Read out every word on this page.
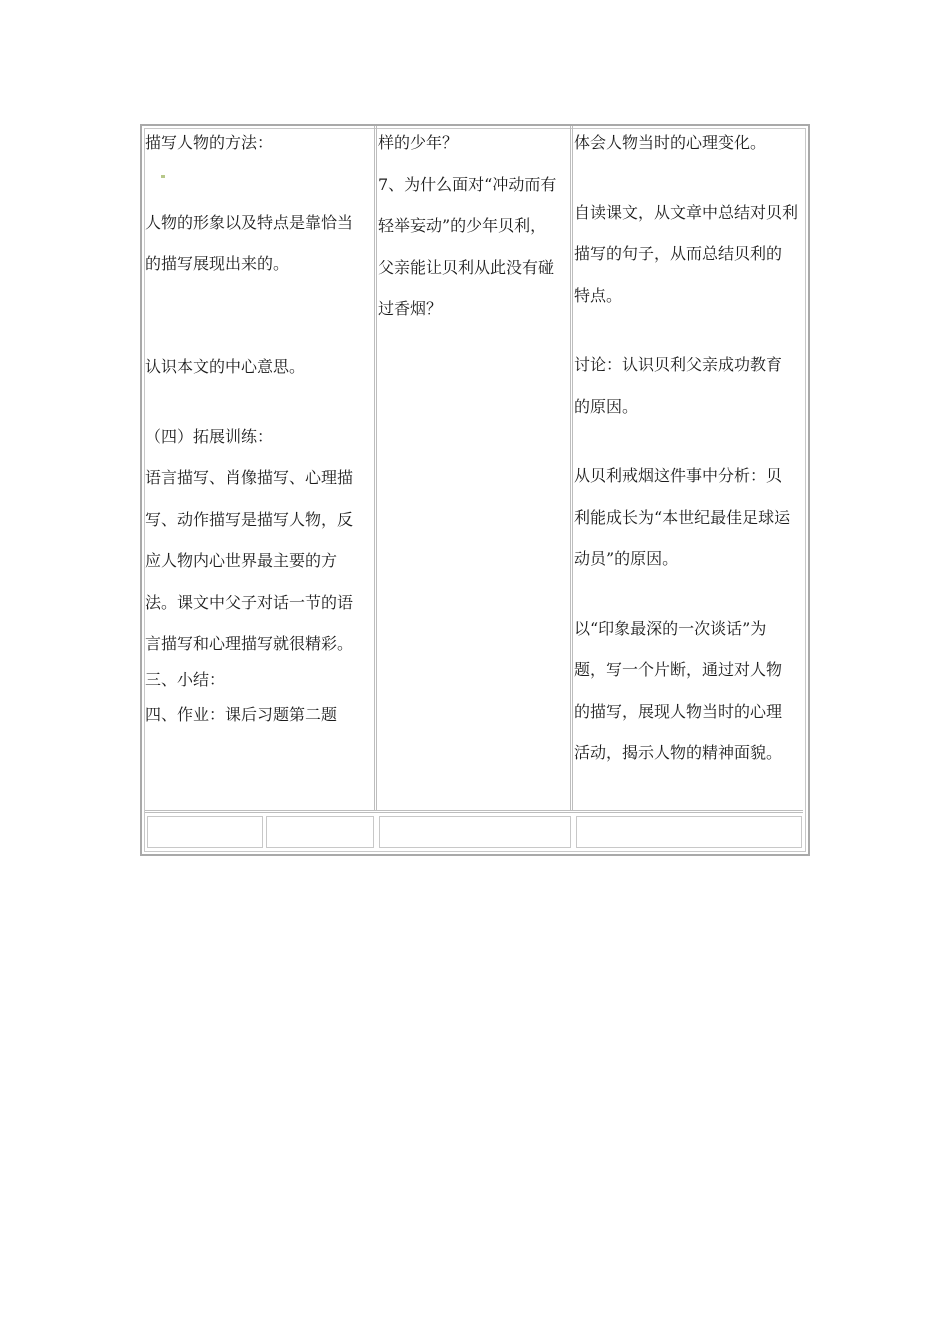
描写人物的方法：

人物的形象以及特点是靠恰当

的描写展现出来的。

认识本文的中心意思。

（四）拓展训练：

语言描写、肖像描写、心理描

写、动作描写是描写人物，反

应人物内心世界最主要的方

法。课文中父子对话一节的语

言描写和心理描写就很精彩。

三、小结：

四、作业：课后习题第二题

样的少年？

7、为什么面对“冲动而有

轻举妄动”的少年贝利，

父亲能让贝利从此没有碰

过香烟？

体会人物当时的心理变化。

自读课文，从文章中总结对贝利

描写的句子，从而总结贝利的

特点。

讨论：认识贝利父亲成功教育

的原因。

从贝利戒烟这件事中分析：贝

利能成长为“本世纪最佳足球运

动员”的原因。

以“印象最深的一次谈话”为

题，写一个片断，通过对人物

的描写，展现人物当时的心理

活动，揭示人物的精神面貌。
